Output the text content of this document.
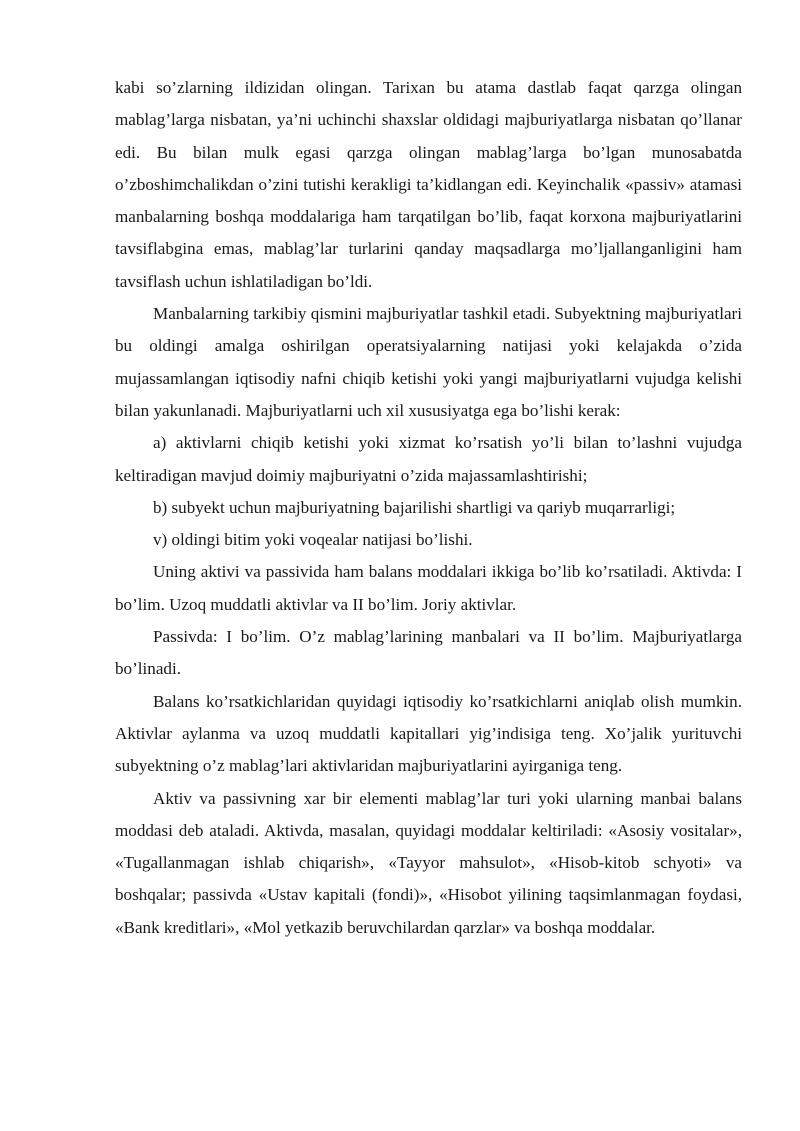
kabi so’zlarning ildizidan olingan. Tarixan bu atama dastlab faqat qarzga olingan mablag’larga nisbatan, ya’ni uchinchi shaxslar oldidagi majburiyatlarga nisbatan qo’llanar edi. Bu bilan mulk egasi qarzga olingan mablag’larga bo’lgan munosabatda o’zboshimchalikdan o’zini tutishi kerakligi ta’kidlangan edi. Keyinchalik «passiv» atamasi manbalarning boshqa moddalariga ham tarqatilgan bo’lib, faqat korxona majburiyatlarini tavsiflabgina emas, mablag’lar turlarini qanday maqsadlarga mo’ljallanganligini ham tavsiflash uchun ishlatiladigan bo’ldi.

Manbalarning tarkibiy qismini majburiyatlar tashkil etadi. Subyektning majburiyatlari bu oldingi amalga oshirilgan operatsiyalarning natijasi yoki kelajakda o’zida mujassamlangan iqtisodiy nafni chiqib ketishi yoki yangi majburiyatlarni vujudga kelishi bilan yakunlanadi. Majburiyatlarni uch xil xususiyatga ega bo’lishi kerak:

a) aktivlarni chiqib ketishi yoki xizmat ko’rsatish yo’li bilan to’lashni vujudga keltiradigan mavjud doimiy majburiyatni o’zida majassamlashtirishi;

b) subyekt uchun majburiyatning bajarilishi shartligi va qariyb muqarrarligi;

v) oldingi bitim yoki voqealar natijasi bo’lishi.

Uning aktivi va passivida ham balans moddalari ikkiga bo’lib ko’rsatiladi. Aktivda: I bo’lim. Uzoq muddatli aktivlar va II bo’lim. Joriy aktivlar.

Passivda: I bo’lim. O’z mablag’larining manbalari va II bo’lim. Majburiyatlarga bo’linadi.

Balans ko’rsatkichlaridan quyidagi iqtisodiy ko’rsatkichlarni aniqlab olish mumkin. Aktivlar aylanma va uzoq muddatli kapitallari yig’indisiga teng. Xo’jalik yurituvchi subyektning o’z mablag’lari aktivlaridan majburiyatlarini ayirganiga teng.

Aktiv va passivning xar bir elementi mablag’lar turi yoki ularning manbai balans moddasi deb ataladi. Aktivda, masalan, quyidagi moddalar keltiriladi: «Asosiy vositalar», «Tugallanmagan ishlab chiqarish», «Tayyor mahsulot», «Hisob-kitob schyoti» va boshqalar; passivda «Ustav kapitali (fondi)», «Hisobot yilining taqsimlanmagan foydasi, «Bank kreditlari», «Mol yetkazib beruvchilardan qarzlar» va boshqa moddalar.
